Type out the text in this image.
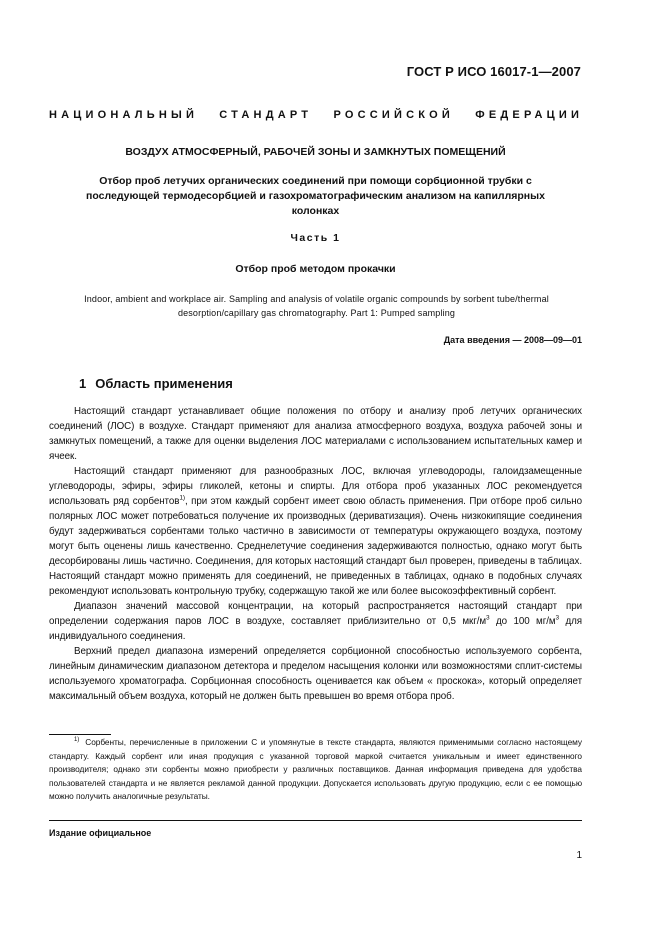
ГОСТ Р ИСО 16017-1—2007
НАЦИОНАЛЬНЫЙ СТАНДАРТ РОССИЙСКОЙ ФЕДЕРАЦИИ
ВОЗДУХ АТМОСФЕРНЫЙ, РАБОЧЕЙ ЗОНЫ И ЗАМКНУТЫХ ПОМЕЩЕНИЙ
Отбор проб летучих органических соединений при помощи сорбционной трубки с последующей термодесорбцией и газохроматографическим анализом на капиллярных колонках
Часть 1
Отбор проб методом прокачки
Indoor, ambient and workplace air. Sampling and analysis of volatile organic compounds by sorbent tube/thermal desorption/capillary gas chromatography. Part 1: Pumped sampling
Дата введения — 2008—09—01
1 Область применения

Настоящий стандарт устанавливает общие положения по отбору и анализу проб летучих органических соединений (ЛОС) в воздухе. Стандарт применяют для анализа атмосферного воздуха, воздуха рабочей зоны и замкнутых помещений, а также для оценки выделения ЛОС материалами с использованием испытательных камер и ячеек.

Настоящий стандарт применяют для разнообразных ЛОС, включая углеводороды, галоидзамещенные углеводороды, эфиры, эфиры гликолей, кетоны и спирты. Для отбора проб указанных ЛОС рекомендуется использовать ряд сорбентов$^{1)}$, при этом каждый сорбент имеет свою область применения. При отборе проб сильно полярных ЛОС может потребоваться получение их производных (дериватизация). Очень низкокипящие соединения будут задерживаться сорбентами только частично в зависимости от температуры окружающего воздуха, поэтому могут быть оценены лишь качественно. Среднелетучие соединения задерживаются полностью, однако могут быть десорбированы лишь частично. Соединения, для которых настоящий стандарт был проверен, приведены в таблицах. Настоящий стандарт можно применять для соединений, не приведенных в таблицах, однако в подобных случаях рекомендуют использовать контрольную трубку, содержащую такой же или более высокоэффективный сорбент.

Диапазон значений массовой концентрации, на который распространяется настоящий стандарт при определении содержания паров ЛОС в воздухе, составляет приблизительно от 0,5 мкг/$м^3$ до 100 $мг/м^3$ для индивидуального соединения.

Верхний предел диапазона измерений определяется сорбционной способностью используемого сорбента, линейным динамическим диапазоном детектора и пределом насыщения колонки или возможностями сплит-системы используемого хроматографа. Сорбционная способность оценивается как объем « проскока», который определяет максимальный объем воздуха, который не должен быть превышен во время отбора проб.

$^{1)}$ Сорбенты, перечисленные в приложении С и упомянутые в тексте стандарта, являются применимыми согласно настоящему стандарту. Каждый сорбент или иная продукция с указанной торговой маркой считается уникальным и имеет единственного производителя; однако эти сорбенты можно приобрести у различных поставщиков. Данная информация приведена для удобства пользователей стандарта и не является рекламой данной продукции. Допускается использовать другую продукцию, если с ее помощью можно получить аналогичные результаты.

Издание официальное
1
